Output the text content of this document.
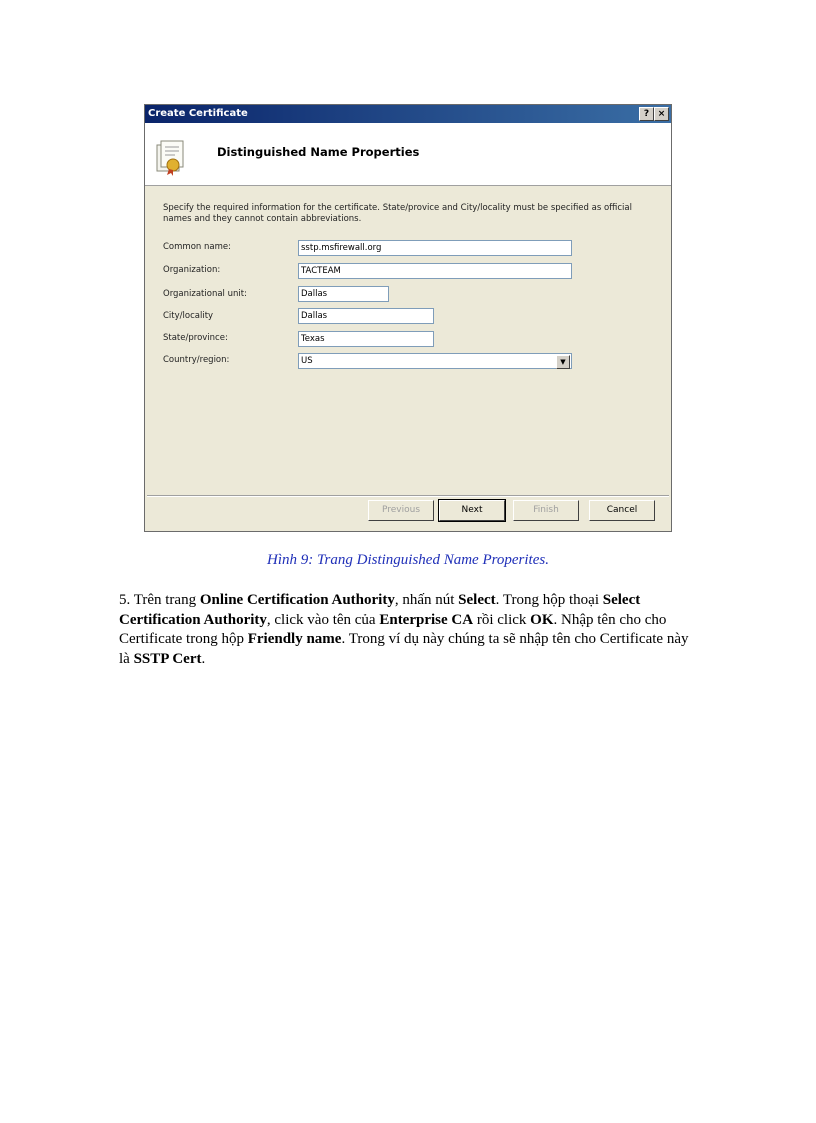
Create Certificate	? ×
Distinguished Name Properties
Specify the required information for the certificate. State/provice and City/locality must be specified as official names and they cannot contain abbreviations.
Common name:	sstp.msfirewall.org
Organization:	TACTEAM
Organizational unit:	Dallas
City/locality	Dallas
State/province:	Texas
Country/region:	US	▼
Previous	Next	Finish	Cancel
Hình 9: Trang Distinguished Name Properites.
5. Trên trang Online Certification Authority, nhấn nút Select. Trong hộp thoại Select Certification Authority, click vào tên của Enterprise CA rồi click OK. Nhập tên cho cho Certificate trong hộp Friendly name. Trong ví dụ này chúng ta sẽ nhập tên cho Certificate này là SSTP Cert.
